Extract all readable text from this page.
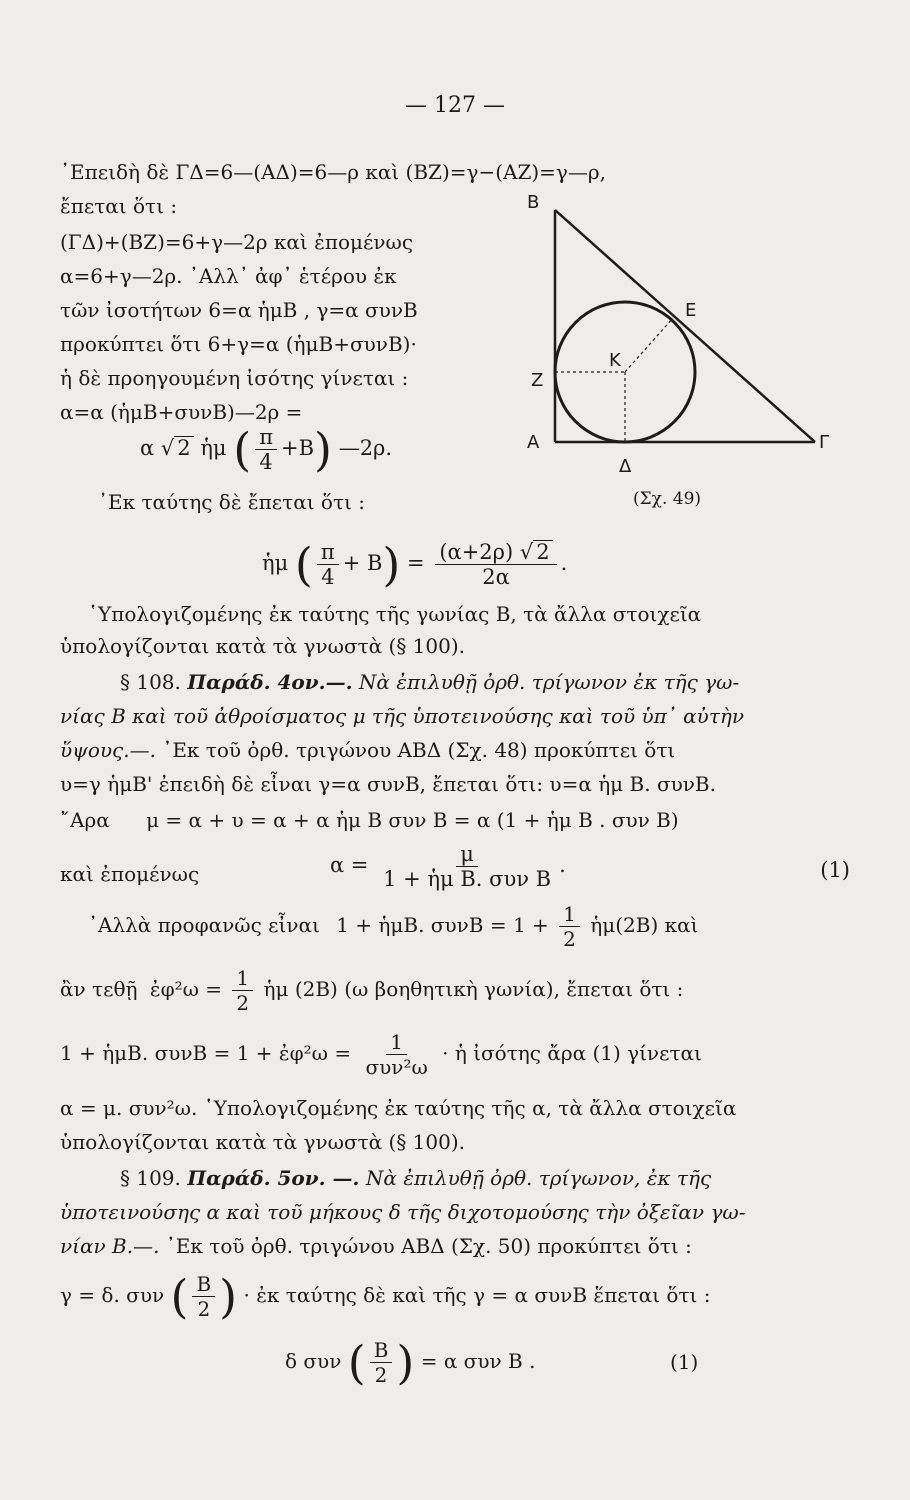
— 127 —
᾿Επειδὴ δὲ ΓΔ=6—(ΑΔ)=6—ρ καὶ (ΒΖ)=γ−(ΑΖ)=γ—ρ,
ἔπεται ὅτι :
(ΓΔ)+(ΒΖ)=6+γ—2ρ καὶ ἐπομένως
α=6+γ—2ρ. ᾿Αλλ᾿ ἀφ᾿ ἑτέρου ἐκ
τῶν ἰσοτήτων 6=α ἡμΒ , γ=α συνΒ
προκύπτει ὅτι 6+γ=α (ἡμΒ+συνΒ)·
ἡ δὲ προηγουμένη ἰσότης γίνεται :
α=α (ἡμΒ+συνΒ)—2ρ =
α √ 2 ἡμ ( $\frac{\pi}{4} +B$) —2ρ.
᾿Εκ ταύτης δὲ ἔπεται ὅτι :
ἡμ ( $\frac{\pi}{4} + B) = \frac{(\alpha+2\rho) √ 2}{2\alpha}$ .
῾Υπολογιζομένης ἐκ ταύτης τῆς γωνίας Β, τὰ ἄλλα στοιχεῖα
ὑπολογίζονται κατὰ τὰ γνωστὰ (§ 100).
§ 108. Παράδ. 4ον.—. Νὰ ἐπιλυθῇ ὀρθ. τρίγωνον ἐκ τῆς γω-
νίας Β καὶ τοῦ ἀθροίσματος μ τῆς ὑποτεινούσης καὶ τοῦ ὑπ᾿ αὐτὴν
ὕψους.—. ᾿Εκ τοῦ ὀρθ. τριγώνου ΑΒΔ (Σχ. 48) προκύπτει ὅτι
υ=γ ἡμΒ' ἐπειδὴ δὲ εἶναι γ=α συνΒ, ἔπεται ὅτι: υ=α ἡμ Β. συνΒ.
῎Αρα μ = α + υ = α + α ἡμ Β συν Β = α (1 + ἡμ Β . συν Β)
καὶ ἐπομένως	$\alpha = \frac{\mu}{\text{1 + ἡμ Β. συν Β}}$ .	(1)
᾿Αλλὰ προφανῶς εἶναι 1 + ἡμΒ. $\sigma\upsilon\nu B = 1 + \frac{1}{2}$ ἡμ(2Β) καὶ
ἂν τεθῇ ἐφ²ω = $\frac{1}{2}$ ἡμ (2Β) (ω βοηθητικὴ γωνία), ἔπεται ὅτι :
1 + ἡμΒ. συνΒ = 1 + ἐφ²ω = $\frac{1}{\text{συν²ω}}$ · ἡ ἰσότης ἄρα (1) γίνεται
α = μ. συν²ω. ῾Υπολογιζομένης ἐκ ταύτης τῆς α, τὰ ἄλλα στοιχεῖα
ὑπολογίζονται κατὰ τὰ γνωστὰ (§ 100).
§ 109. Παράδ. 5ον. —. Νὰ ἐπιλυθῇ ὀρθ. τρίγωνον, ἐκ τῆς
ὑποτεινούσης α καὶ τοῦ μήκους δ τῆς διχοτομούσης τὴν ὀξεῖαν γω-
νίαν Β.—. ᾿Εκ τοῦ ὀρθ. τριγώνου ΑΒΔ (Σχ. 50) προκύπτει ὅτι :
γ = δ. συν ( $\frac{B}{2}$ ) · ἐκ ταύτης δὲ καὶ τῆς γ = α συνΒ ἕπεται ὅτι :
δ συν ( $\frac{B}{2}$ ) = α συν Β .	(1)
Β
Α	Γ
Ε
Ζ
Κ
Δ
(Σχ. 49)
